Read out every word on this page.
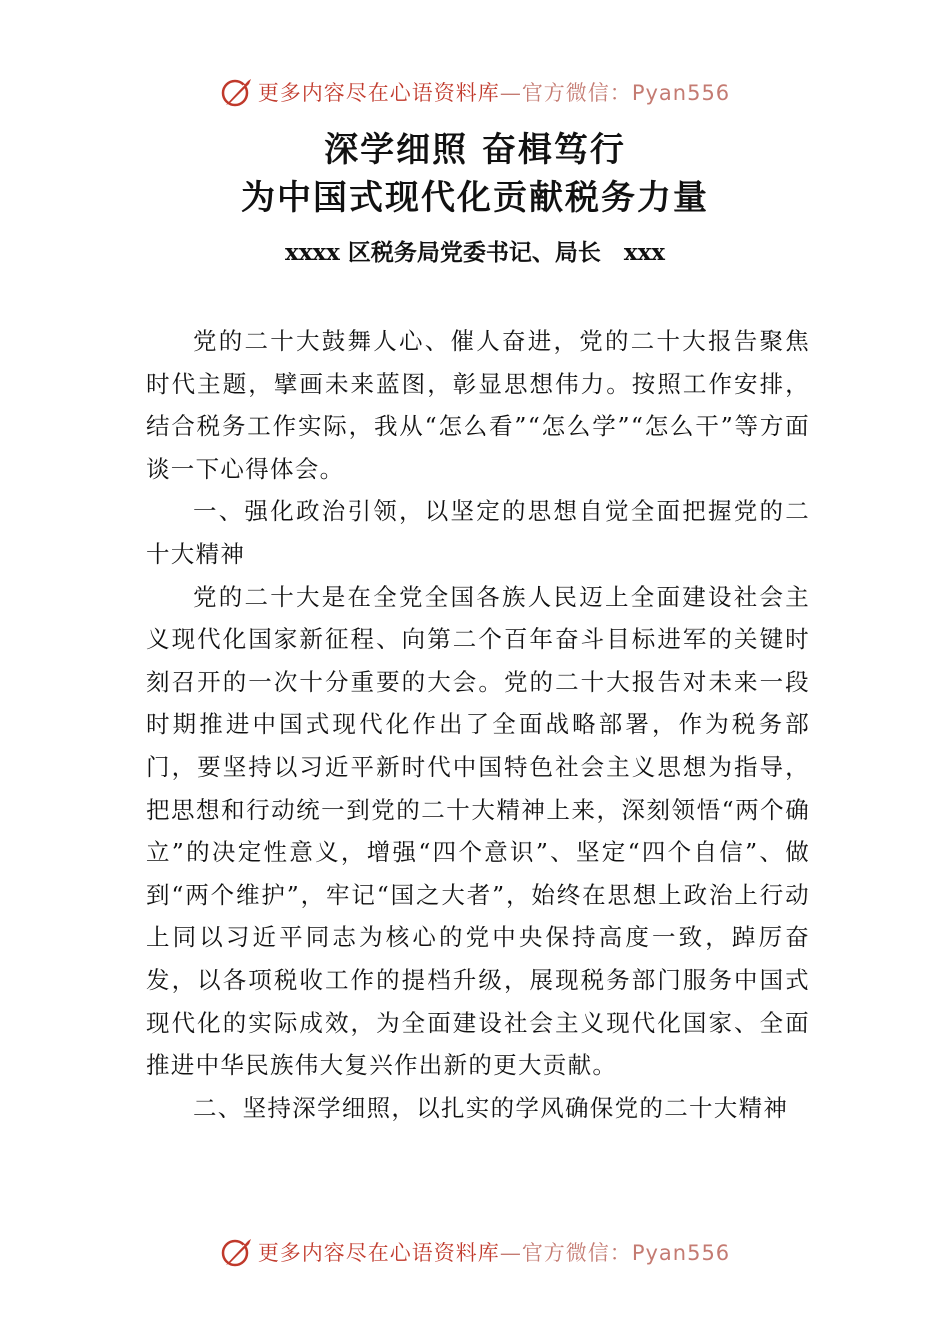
更多内容尽在心语资料库—官方微信：Pyan556
深学细照 奋楫笃行
为中国式现代化贡献税务力量
xxxx 区税务局党委书记、局长　xxx

党的二十大鼓舞人心、催人奋进，党的二十大报告聚焦时代主题，擘画未来蓝图，彰显思想伟力。按照工作安排，结合税务工作实际，我从“怎么看”“怎么学”“怎么干”等方面谈一下心得体会。

一、强化政治引领，以坚定的思想自觉全面把握党的二十大精神

党的二十大是在全党全国各族人民迈上全面建设社会主义现代化国家新征程、向第二个百年奋斗目标进军的关键时刻召开的一次十分重要的大会。党的二十大报告对未来一段时期推进中国式现代化作出了全面战略部署，作为税务部门，要坚持以习近平新时代中国特色社会主义思想为指导，把思想和行动统一到党的二十大精神上来，深刻领悟“两个确立”的决定性意义，增强“四个意识”、坚定“四个自信”、做到“两个维护”，牢记“国之大者”，始终在思想上政治上行动上同以习近平同志为核心的党中央保持高度一致，踔厉奋发，以各项税收工作的提档升级，展现税务部门服务中国式现代化的实际成效，为全面建设社会主义现代化国家、全面推进中华民族伟大复兴作出新的更大贡献。

二、坚持深学细照，以扎实的学风确保党的二十大精神

更多内容尽在心语资料库—官方微信：Pyan556
